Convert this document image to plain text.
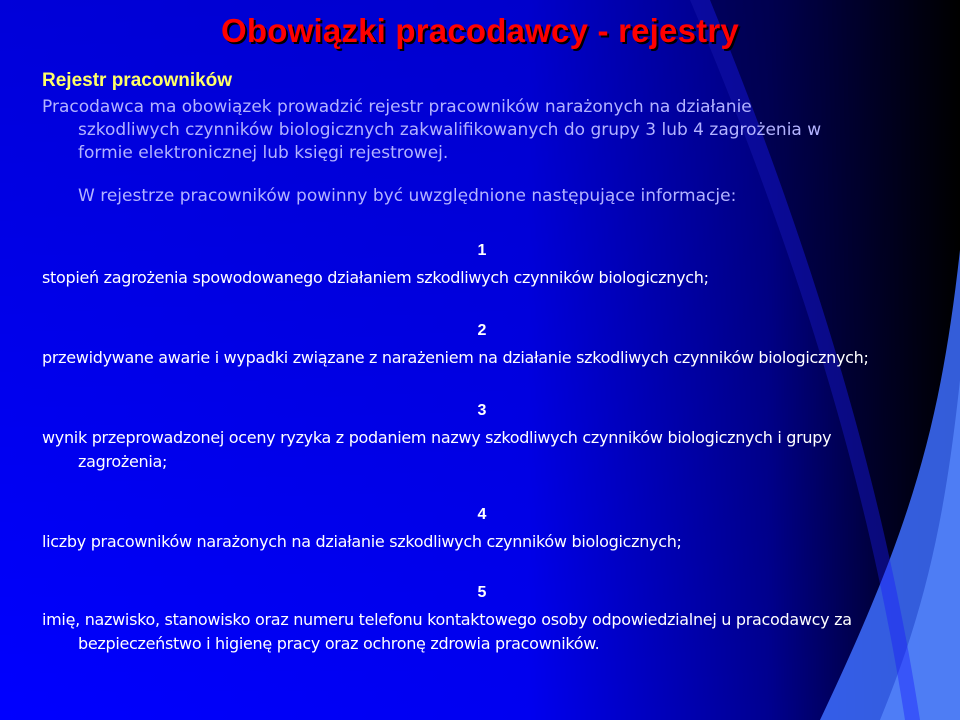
Obowiązki pracodawcy - rejestry
Rejestr pracowników
Pracodawca ma obowiązek prowadzić rejestr pracowników narażonych na działanie
szkodliwych czynników biologicznych zakwalifikowanych do grupy 3 lub 4 zagrożenia w
formie elektronicznej lub księgi rejestrowej.
W rejestrze pracowników powinny być uwzględnione następujące informacje:
1
stopień zagrożenia spowodowanego działaniem szkodliwych czynników biologicznych;
2
przewidywane awarie i wypadki związane z narażeniem na działanie szkodliwych czynników biologicznych;
3
wynik przeprowadzonej oceny ryzyka z podaniem nazwy szkodliwych czynników biologicznych i grupy
zagrożenia;
4
liczby pracowników narażonych na działanie szkodliwych czynników biologicznych;
5
imię, nazwisko, stanowisko oraz numeru telefonu kontaktowego osoby odpowiedzialnej u pracodawcy za
bezpieczeństwo i higienę pracy oraz ochronę zdrowia pracowników.
